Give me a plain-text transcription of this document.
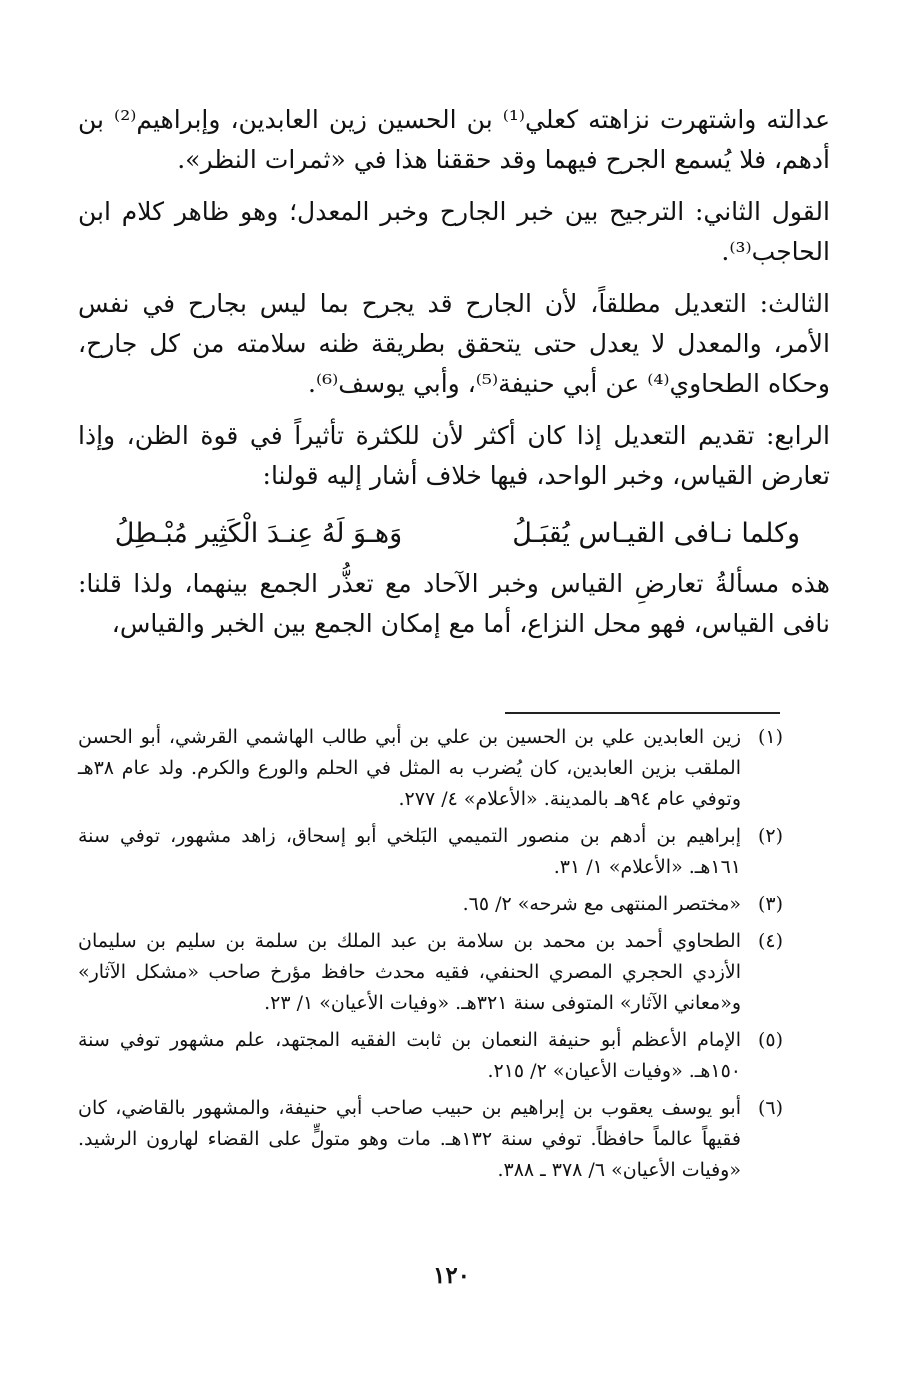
عدالته واشتهرت نزاهته كعلي⁽¹⁾ بن الحسين زين العابدين، وإبراهيم⁽²⁾ بن أدهم، فلا يُسمع الجرح فيهما وقد حققنا هذا في «ثمرات النظر».

القول الثاني: الترجيح بين خبر الجارح وخبر المعدل؛ وهو ظاهر كلام ابن الحاجب⁽³⁾.

الثالث: التعديل مطلقاً، لأن الجارح قد يجرح بما ليس بجارح في نفس الأمر، والمعدل لا يعدل حتى يتحقق بطريقة ظنه سلامته من كل جارح، وحكاه الطحاوي⁽⁴⁾ عن أبي حنيفة⁽⁵⁾، وأبي يوسف⁽⁶⁾.

الرابع: تقديم التعديل إذا كان أكثر لأن للكثرة تأثيراً في قوة الظن، وإذا تعارض القياس، وخبر الواحد، فيها خلاف أشار إليه قولنا:

وكلما نـافى القيـاس يُقبَـلُ
وَهـوَ لَهُ عِنـدَ الْكَثِير مُبْـطِلُ

هذه مسألةُ تعارضِ القياس وخبر الآحاد مع تعذُّر الجمع بينهما، ولذا قلنا: نافى القياس، فهو محل النزاع، أما مع إمكان الجمع بين الخبر والقياس،

(١)
زين العابدين علي بن الحسين بن علي بن أبي طالب الهاشمي القرشي، أبو الحسن الملقب بزين العابدين، كان يُضرب به المثل في الحلم والورع والكرم. ولد عام ٣٨هـ وتوفي عام ٩٤هـ بالمدينة. «الأعلام» ٤/ ٢٧٧.
(٢)
إبراهيم بن أدهم بن منصور التميمي البَلخي أبو إسحاق، زاهد مشهور، توفي سنة ١٦١هـ. «الأعلام» ١/ ٣١.
(٣)
«مختصر المنتهى مع شرحه» ٢/ ٦٥.
(٤)
الطحاوي أحمد بن محمد بن سلامة بن عبد الملك بن سلمة بن سليم بن سليمان الأزدي الحجري المصري الحنفي، فقيه محدث حافظ مؤرخ صاحب «مشكل الآثار» و«معاني الآثار» المتوفى سنة ٣٢١هـ. «وفيات الأعيان» ١/ ٢٣.
(٥)
الإمام الأعظم أبو حنيفة النعمان بن ثابت الفقيه المجتهد، علم مشهور توفي سنة ١٥٠هـ. «وفيات الأعيان» ٢/ ٢١٥.
(٦)
أبو يوسف يعقوب بن إبراهيم بن حبيب صاحب أبي حنيفة، والمشهور بالقاضي، كان فقيهاً عالماً حافظاً. توفي سنة ١٣٢هـ. مات وهو متولٍّ على القضاء لهارون الرشيد. «وفيات الأعيان» ٦/ ٣٧٨ ـ ٣٨٨.
١٢٠
